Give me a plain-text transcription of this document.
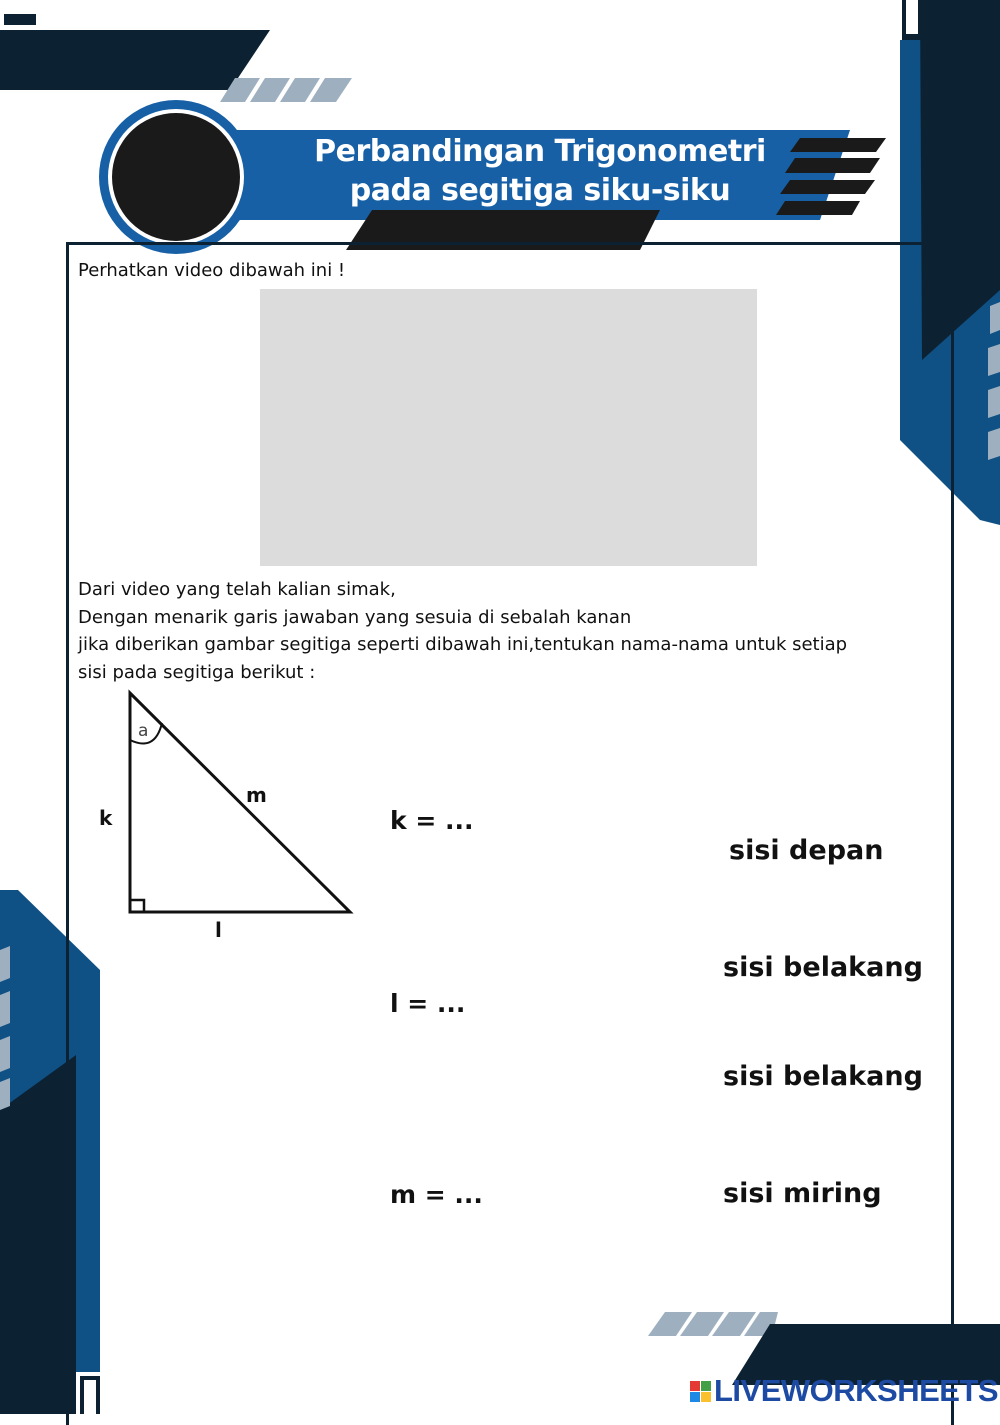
Perbandingan Trigonometri
pada segitiga siku-siku
Perhatkan video dibawah ini !
Dari video yang telah kalian simak,
Dengan menarik garis jawaban yang sesuia di sebalah kanan
jika diberikan gambar segitiga seperti dibawah ini,tentukan nama-nama untuk setiap
sisi pada segitiga berikut :
a
k
m
l
k = ...
l = ...
m = ...
sisi depan
sisi belakang
sisi belakang
sisi miring
LIVEWORKSHEETS
